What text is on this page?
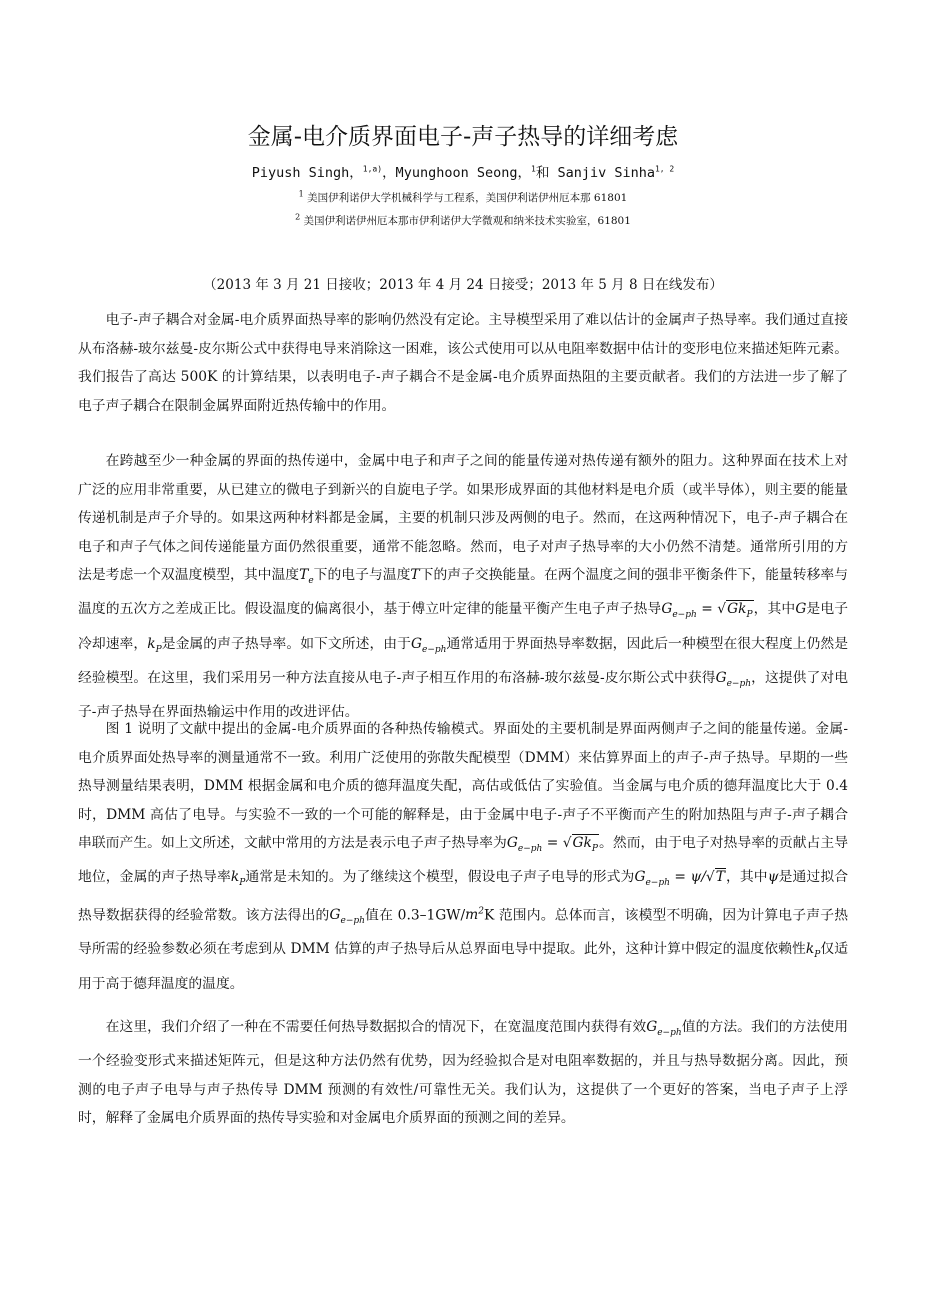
金属-电介质界面电子-声子热导的详细考虑
Piyush Singh，$^{1,a)}$，Myunghoon Seong，$^1$和 Sanjiv Sinha$^{1, 2}$
$^1$ 美国伊利诺伊大学机械科学与工程系，美国伊利诺伊州厄本那 61801
$^2$ 美国伊利诺伊州厄本那市伊利诺伊大学微观和纳米技术实验室，61801
（2013 年 3 月 21 日接收；2013 年 4 月 24 日接受；2013 年 5 月 8 日在线发布）

电子-声子耦合对金属-电介质界面热导率的影响仍然没有定论。主导模型采用了难以估计的金属声子热导率。我们通过直接从布洛赫-玻尔兹曼-皮尔斯公式中获得电导来消除这一困难，该公式使用可以从电阻率数据中估计的变形电位来描述矩阵元素。我们报告了高达 500K 的计算结果，以表明电子-声子耦合不是金属-电介质界面热阻的主要贡献者。我们的方法进一步了解了电子声子耦合在限制金属界面附近热传输中的作用。

在跨越至少一种金属的界面的热传递中，金属中电子和声子之间的能量传递对热传递有额外的阻力。这种界面在技术上对广泛的应用非常重要，从已建立的微电子到新兴的自旋电子学。如果形成界面的其他材料是电介质（或半导体），则主要的能量传递机制是声子介导的。如果这两种材料都是金属，主要的机制只涉及两侧的电子。然而，在这两种情况下，电子-声子耦合在电子和声子气体之间传递能量方面仍然很重要，通常不能忽略。然而，电子对声子热导率的大小仍然不清楚。通常所引用的方法是考虑一个双温度模型，其中温度$T_e$下的电子与温度T下的声子交换能量。在两个温度之间的强非平衡条件下，能量转移率与温度的五次方之差成正比。假设温度的偏离很小，基于傅立叶定律的能量平衡产生电子声子热导$G_{e-ph} = √Gk_P$，其中G是电子冷却速率，$k_P$是金属的声子热导率。如下文所述，由于$G_{e-ph}$通常适用于界面热导率数据，因此后一种模型在很大程度上仍然是经验模型。在这里，我们采用另一种方法直接从电子-声子相互作用的布洛赫-玻尔兹曼-皮尔斯公式中获得$G_{e-ph}$，这提供了对电子-声子热导在界面热输运中作用的改进评估。

图 1 说明了文献中提出的金属-电介质界面的各种热传输模式。界面处的主要机制是界面两侧声子之间的能量传递。金属-电介质界面处热导率的测量通常不一致。利用广泛使用的弥散失配模型（DMM）来估算界面上的声子-声子热导。早期的一些热导测量结果表明，DMM 根据金属和电介质的德拜温度失配，高估或低估了实验值。当金属与电介质的德拜温度比大于 0.4 时，DMM 高估了电导。与实验不一致的一个可能的解释是，由于金属中电子-声子不平衡而产生的附加热阻与声子-声子耦合串联而产生。如上文所述，文献中常用的方法是表示电子声子热导率为$G_{e-ph} = √Gk_P$。然而，由于电子对热导率的贡献占主导地位，金属的声子热导率$k_P$通常是未知的。为了继续这个模型，假设电子声子电导的形式为$G_{e-ph} = \psi/√T$，其中ψ是通过拟合热导数据获得的经验常数。该方法得出的$G_{e-ph}$值在 $0.3-1GW/m^2K$ 范围内。总体而言，该模型不明确，因为计算电子声子热导所需的经验参数必须在考虑到从 DMM 估算的声子热导后从总界面电导中提取。此外，这种计算中假定的温度依赖性$k_P$仅适用于高于德拜温度的温度。

在这里，我们介绍了一种在不需要任何热导数据拟合的情况下，在宽温度范围内获得有效$G_{e-ph}$值的方法。我们的方法使用一个经验变形式来描述矩阵元，但是这种方法仍然有优势，因为经验拟合是对电阻率数据的，并且与热导数据分离。因此，预测的电子声子电导与声子热传导 DMM 预测的有效性/可靠性无关。我们认为，这提供了一个更好的答案，当电子声子上浮时，解释了金属电介质界面的热传导实验和对金属电介质界面的预测之间的差异。
